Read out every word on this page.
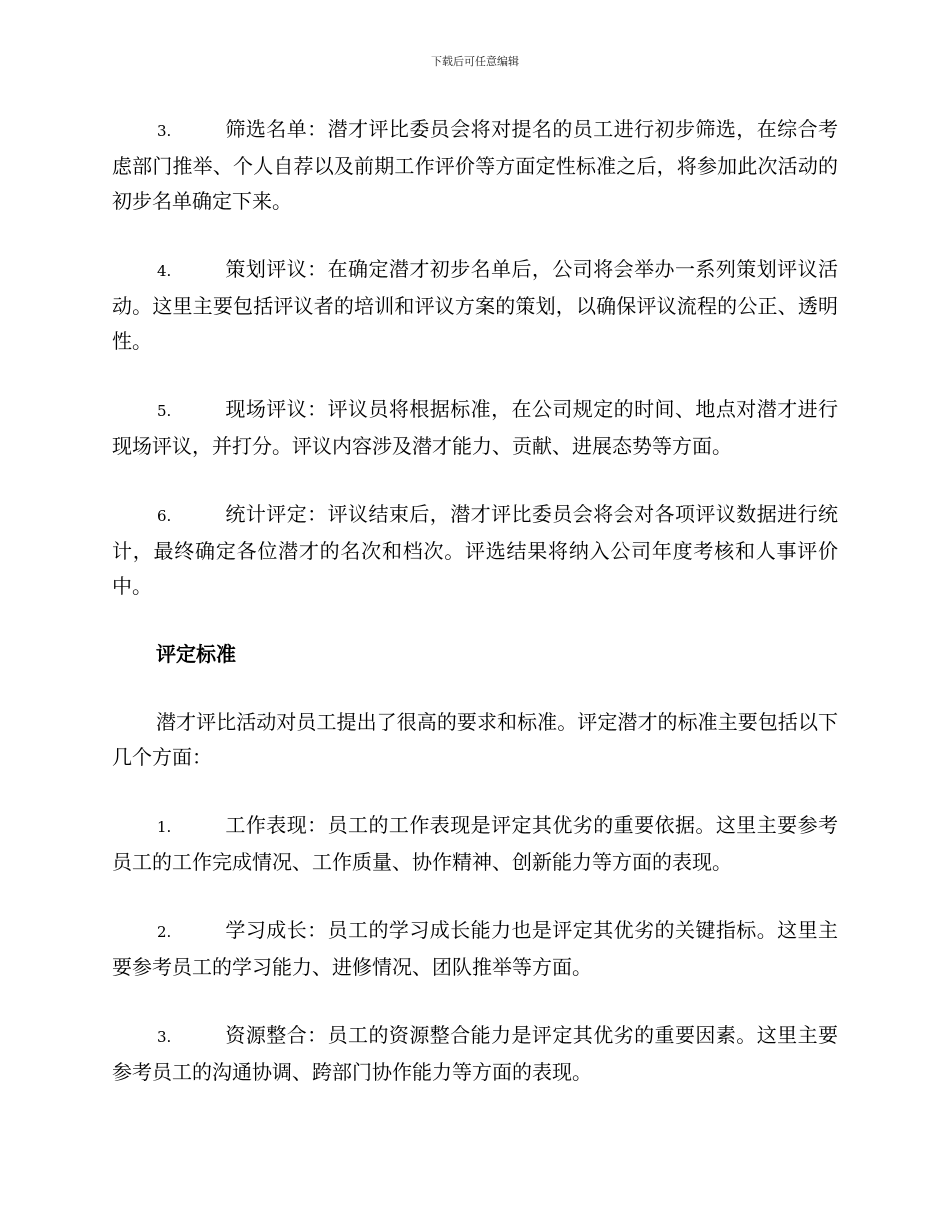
下载后可任意编辑
3.	筛选名单：潜才评比委员会将对提名的员工进行初步筛选，在综合考虑部门推举、个人自荐以及前期工作评价等方面定性标准之后，将参加此次活动的初步名单确定下来。
4.	策划评议：在确定潜才初步名单后，公司将会举办一系列策划评议活动。这里主要包括评议者的培训和评议方案的策划，以确保评议流程的公正、透明性。
5.	现场评议：评议员将根据标准，在公司规定的时间、地点对潜才进行现场评议，并打分。评议内容涉及潜才能力、贡献、进展态势等方面。
6.	统计评定：评议结束后，潜才评比委员会将会对各项评议数据进行统计，最终确定各位潜才的名次和档次。评选结果将纳入公司年度考核和人事评价中。
评定标准
潜才评比活动对员工提出了很高的要求和标准。评定潜才的标准主要包括以下几个方面：
1.	工作表现：员工的工作表现是评定其优劣的重要依据。这里主要参考员工的工作完成情况、工作质量、协作精神、创新能力等方面的表现。
2.	学习成长：员工的学习成长能力也是评定其优劣的关键指标。这里主要参考员工的学习能力、进修情况、团队推举等方面。
3.	资源整合：员工的资源整合能力是评定其优劣的重要因素。这里主要参考员工的沟通协调、跨部门协作能力等方面的表现。
